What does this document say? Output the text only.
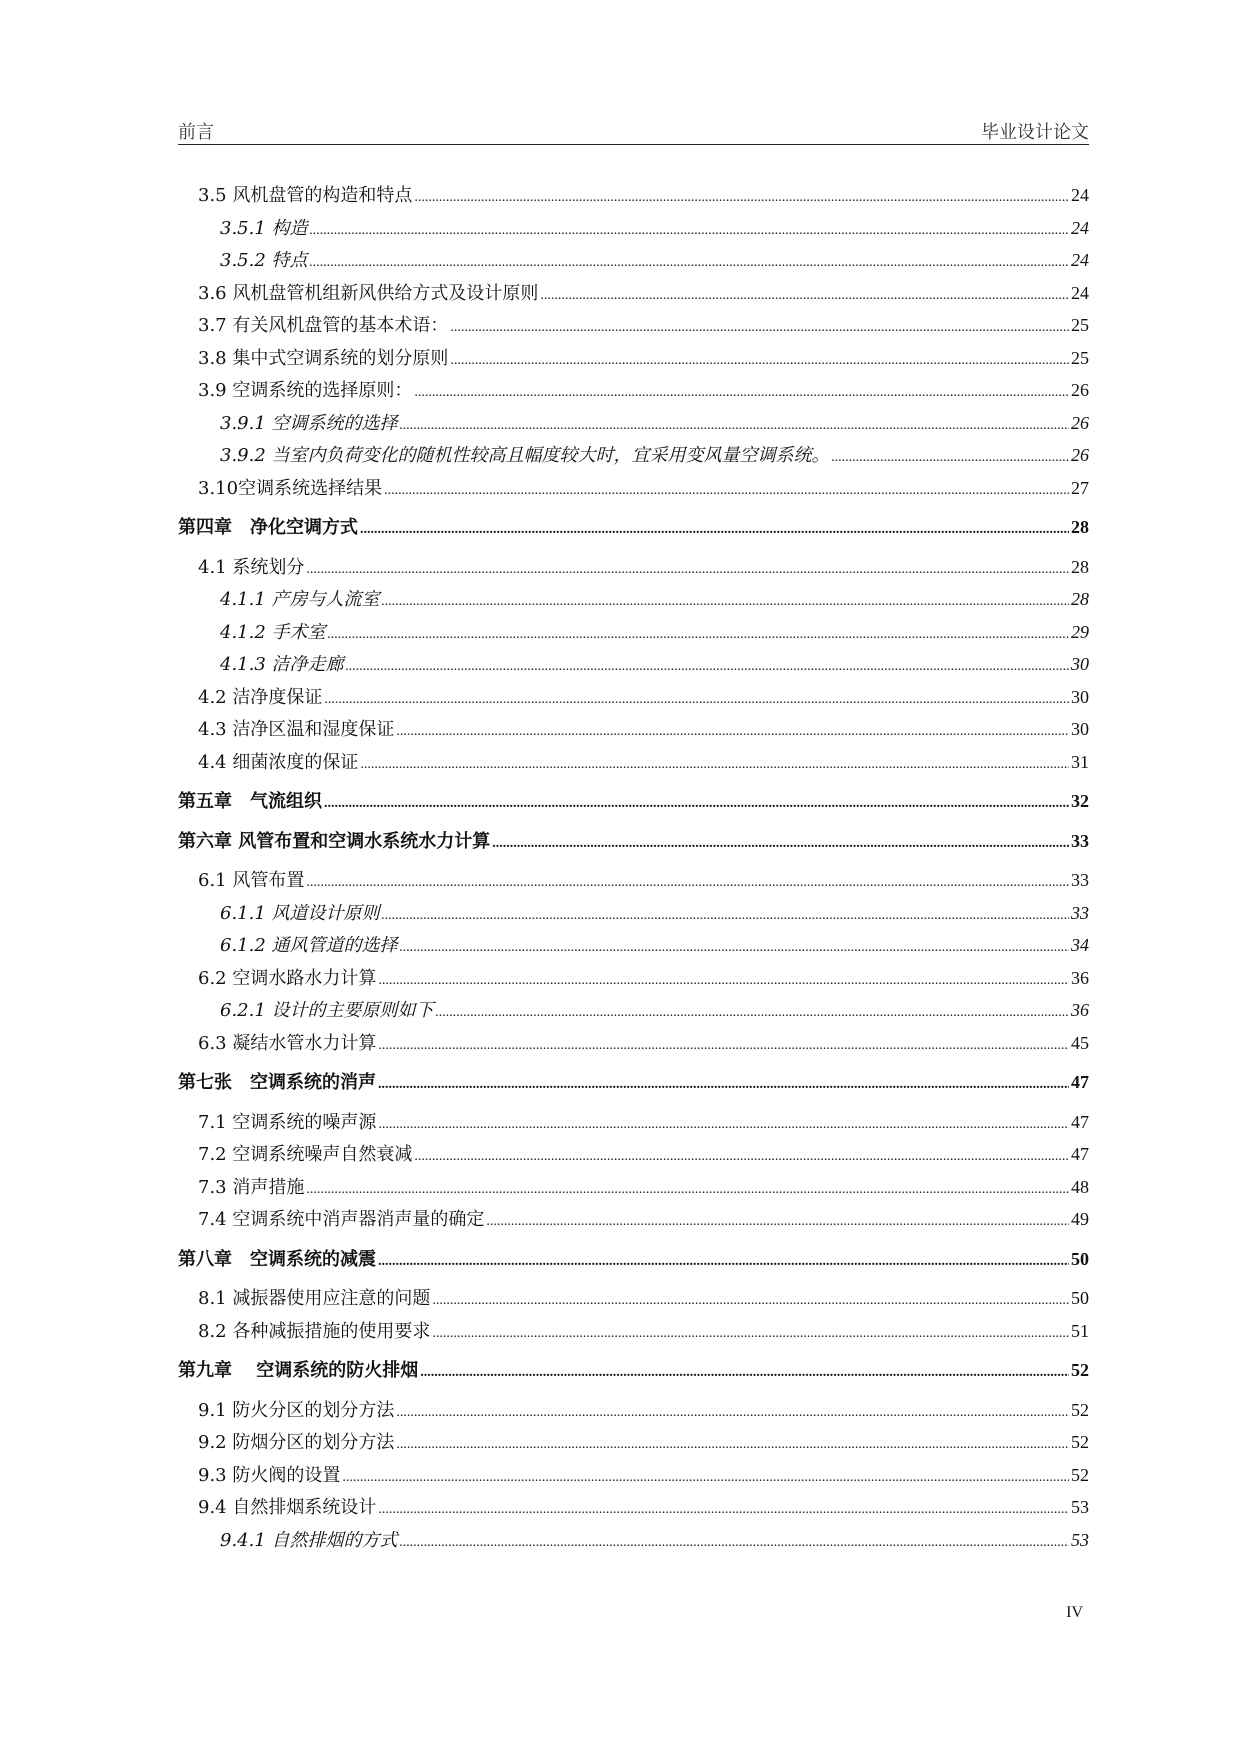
前言	毕业设计论文
3.5 风机盘管的构造和特点 .....	24
3.5.1 构造 .....	24
3.5.2 特点 .....	24
3.6 风机盘管机组新风供给方式及设计原则 .....	24
3.7 有关风机盘管的基本术语： .....	25
3.8 集中式空调系统的划分原则 .....	25
3.9 空调系统的选择原则： .....	26
3.9.1 空调系统的选择 .....	26
3.9.2 当室内负荷变化的随机性较高且幅度较大时，宜采用变风量空调系统。 .....	26
3.10空调系统选择结果 .....	27
第四章　净化空调方式 .....	28
4.1 系统划分 .....	28
4.1.1 产房与人流室 .....	28
4.1.2 手术室 .....	29
4.1.3 洁净走廊 .....	30
4.2 洁净度保证 .....	30
4.3 洁净区温和湿度保证 .....	30
4.4 细菌浓度的保证 .....	31
第五章　气流组织 .....	32
第六章 风管布置和空调水系统水力计算 .....	33
6.1 风管布置 .....	33
6.1.1 风道设计原则 .....	33
6.1.2 通风管道的选择 .....	34
6.2 空调水路水力计算 .....	36
6.2.1 设计的主要原则如下 .....	36
6.3 凝结水管水力计算 .....	45
第七张　空调系统的消声 .....	47
7.1 空调系统的噪声源 .....	47
7.2 空调系统噪声自然衰减 .....	47
7.3 消声措施 .....	48
7.4 空调系统中消声器消声量的确定 .....	49
第八章　空调系统的减震 .....	50
8.1 减振器使用应注意的问题 .....	50
8.2 各种减振措施的使用要求 .....	51
第九章　 空调系统的防火排烟 .....	52
9.1 防火分区的划分方法 .....	52
9.2 防烟分区的划分方法 .....	52
9.3 防火阀的设置 .....	52
9.4 自然排烟系统设计 .....	53
9.4.1 自然排烟的方式 .....	53
IV
